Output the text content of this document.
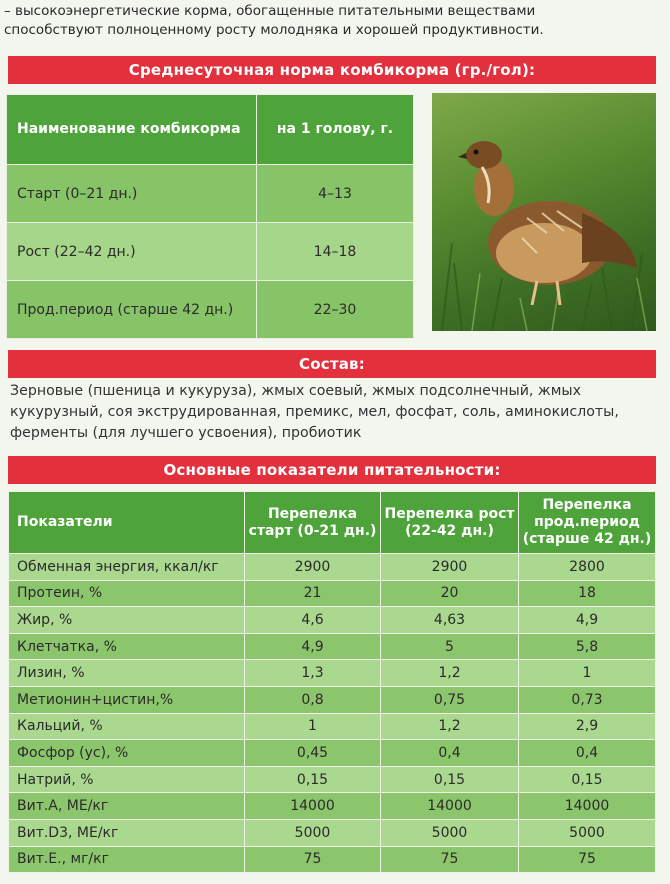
– высокоэнергетические корма, обогащенные питательными веществами
способствуют полноценному росту молодняка и хорошей продуктивности.
Среднесуточная норма комбикорма (гр./гол):
Наименование комбикорма	на 1 голову, г.
Старт (0–21 дн.)	4–13
Рост (22–42 дн.)	14–18
Прод.период (старше 42 дн.)	22–30
Состав:
Зерновые (пшеница и кукуруза), жмых соевый, жмых подсолнечный, жмых кукурузный, соя экструдированная, премикс, мел, фосфат, соль, аминокислоты, ферменты (для лучшего усвоения), пробиотик
Основные показатели питательности:
Показатели	Перепелка старт (0-21 дн.)	Перепелка рост (22-42 дн.)	Перепелка прод.период (старше 42 дн.)
Обменная энергия, ккал/кг	2900	2900	2800
Протеин, %	21	20	18
Жир, %	4,6	4,63	4,9
Клетчатка, %	4,9	5	5,8
Лизин, %	1,3	1,2	1
Метионин+цистин,%	0,8	0,75	0,73
Кальций, %	1	1,2	2,9
Фосфор (ус), %	0,45	0,4	0,4
Натрий, %	0,15	0,15	0,15
Вит.А, МЕ/кг	14000	14000	14000
Вит.D3, МЕ/кг	5000	5000	5000
Вит.Е., мг/кг	75	75	75
